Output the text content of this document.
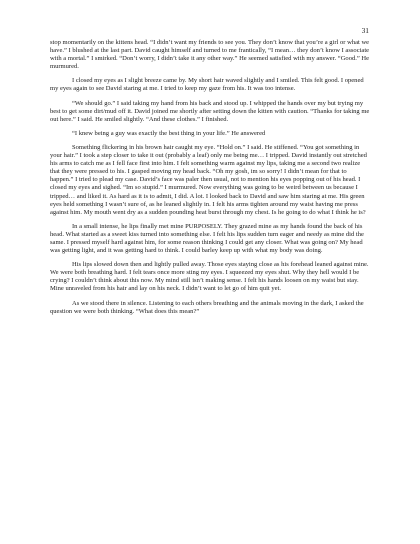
31

stop momentarily on the kittens head. “I didn’t want my friends to see you. They don’t know that you’re a girl or what we have.” I blushed at the last part. David caught himself and turned to me frantically, “I mean… they don’t know I associate with a mortal.” I smirked. “Don’t worry, I didn’t take it any other way.” He seemed satisfied with my answer. “Good.” He murmured.

I closed my eyes as I slight breeze came by. My short hair waved slightly and I smiled. This felt good. I opened my eyes again to see David staring at me. I tried to keep my gaze from his. It was too intense.

“We should go.” I said taking my hand from his back and stood up. I whipped the hands over my but trying my best to get some dirt/mud off it. David joined me shortly after setting down the kitten with caution. “Thanks for taking me out here.” I said. He smiled slightly. “And these clothes.” I finished.

“I knew being a guy was exactly the best thing in your life.” He answered

Something flickering in his brown hair caught my eye. “Hold on.” I said. He stiffened. “You got something in your hair.” I took a step closer to take it out (probably a leaf) only me being me… I tripped. David instantly out stretched his arms to catch me as I fell face first into him. I felt something warm against my lips, taking me a second two realize that they were pressed to his. I gasped moving my head back. “Oh my gosh, im so sorry! I didn’t mean for that to happen.” I tried to plead my case. David’s face was paler then usual, not to mention his eyes popping out of his head. I closed my eyes and sighed. “Im so stupid.” I murmured. Now everything was going to be weird between us because I tripped… and liked it. As hard as it is to admit, I did. A lot. I looked back to David and saw him staring at me. His green eyes held something I wasn’t sure of, as he leaned slightly in. I felt his arms tighten around my waist having me press against him. My mouth went dry as a sudden pounding heat burst through my chest. Is he going to do what I think he is?

In a small intense, he lips finally met mine PURPOSELY. They grazed mine as my hands found the back of his head. What started as a sweet kiss turned into something else. I felt his lips sudden turn eager and needy as mine did the same. I pressed myself hard against him, for some reason thinking I could get any closer. What was going on? My head was getting light, and it was getting hard to think. I could barley keep up with what my body was doing.

His lips slowed down then and lightly pulled away. Those eyes staying close as his forehead leaned against mine. We were both breathing hard. I felt tears once more sting my eyes. I squeezed my eyes shut. Why they hell would I be crying? I couldn’t think about this now. My mind still isn’t making sense. I felt his hands loosen on my waist but stay. Mine unraveled from his hair and lay on his neck. I didn’t want to let go of him quit yet.

As we stood there in silence. Listening to each others breathing and the animals moving in the dark, I asked the question we were both thinking. “What does this mean?”
